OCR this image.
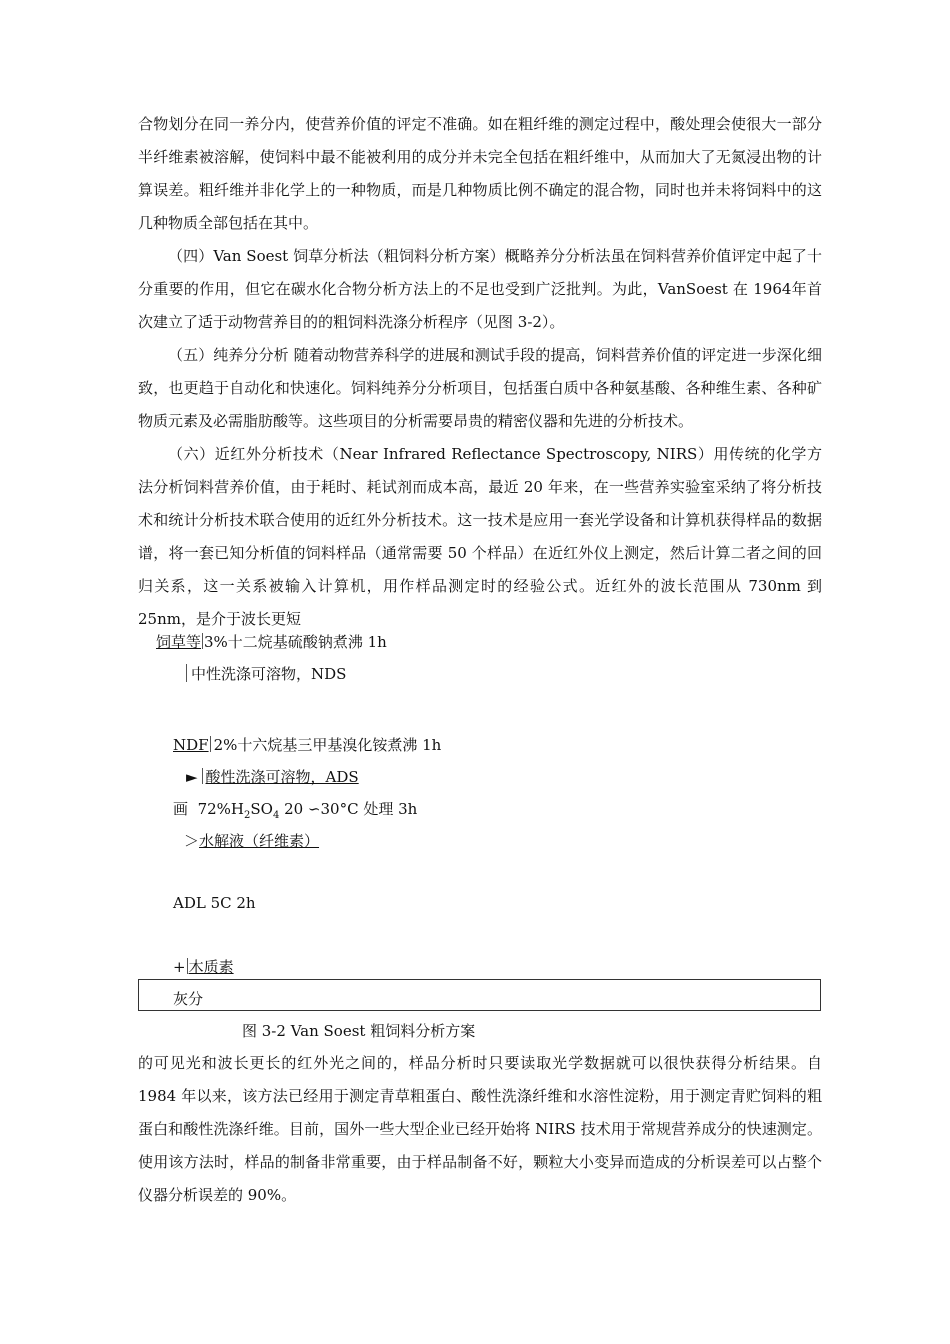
合物划分在同一养分内，使营养价值的评定不准确。如在粗纤维的测定过程中，酸处理会使很大一部分半纤维素被溶解，使饲料中最不能被利用的成分并未完全包括在粗纤维中，从而加大了无氮浸出物的计算误差。粗纤维并非化学上的一种物质，而是几种物质比例不确定的混合物，同时也并未将饲料中的这几种物质全部包括在其中。

（四）Van Soest 饲草分析法（粗饲料分析方案）概略养分分析法虽在饲料营养价值评定中起了十分重要的作用，但它在碳水化合物分析方法上的不足也受到广泛批判。为此，VanSoest 在 1964年首次建立了适于动物营养目的的粗饲料洗涤分析程序（见图 3-2）。

（五）纯养分分析 随着动物营养科学的进展和测试手段的提高，饲料营养价值的评定进一步深化细致，也更趋于自动化和快速化。饲料纯养分分析项目，包括蛋白质中各种氨基酸、各种维生素、各种矿物质元素及必需脂肪酸等。这些项目的分析需要昂贵的精密仪器和先进的分析技术。

（六）近红外分析技术（Near Infrared Reflectance Spectroscopy, NIRS）用传统的化学方法分析饲料营养价值，由于耗时、耗试剂而成本高，最近 20 年来，在一些营养实验室采纳了将分析技术和统计分析技术联合使用的近红外分析技术。这一技术是应用一套光学设备和计算机获得样品的数据谱，将一套已知分析值的饲料样品（通常需要 50 个样品）在近红外仪上测定，然后计算二者之间的回归关系，这一关系被输入计算机，用作样品测定时的经验公式。近红外的波长范围从 730nm 到 25nm，是介于波长更短

饲草等 3%十二烷基硫酸钠煮沸 1h
中性洗涤可溶物，NDS
NDF 2%十六烷基三甲基溴化铵煮沸 1h
► 酸性洗涤可溶物，ADS
画 $72\%H_2SO_4$ 20 ∽30°C 处理 3h
＞水解液（纤维素）
ADL 5C 2h
+ 木质素
灰分
图 3-2 Van Soest 粗饲料分析方案

的可见光和波长更长的红外光之间的，样品分析时只要读取光学数据就可以很快获得分析结果。自 1984 年以来，该方法已经用于测定青草粗蛋白、酸性洗涤纤维和水溶性淀粉，用于测定青贮饲料的粗蛋白和酸性洗涤纤维。目前，国外一些大型企业已经开始将 NIRS 技术用于常规营养成分的快速测定。使用该方法时，样品的制备非常重要，由于样品制备不好，颗粒大小变异而造成的分析误差可以占整个仪器分析误差的 90%。
